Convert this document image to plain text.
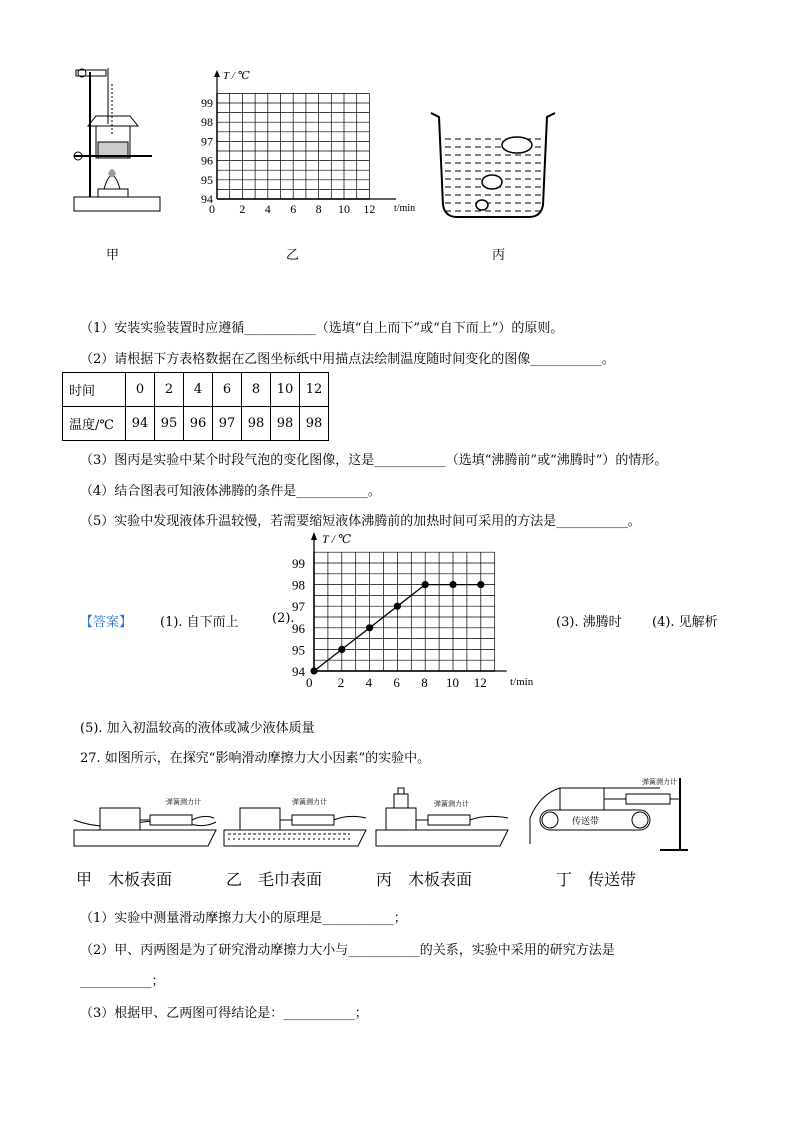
94
95
96
97
98
99
0 2 4 6 8 10 12
T / ℃
t/min
甲	乙	丙
（1）安装实验装置时应遵循___________（选填“自上而下”或“自下而上”）的原则。
（2）请根据下方表格数据在乙图坐标纸中用描点法绘制温度随时间变化的图像___________。
时间	0	2	4	6	8	10	12
温度/℃	94	95	96	97	98	98	98
（3）图丙是实验中某个时段气泡的变化图像，这是___________（选填“沸腾前”或“沸腾时”）的情形。
（4）结合图表可知液体沸腾的条件是___________。
（5）实验中发现液体升温较慢，若需要缩短液体沸腾前的加热时间可采用的方法是___________。
【答案】 (1). 自下而上	(2).	(3). 沸腾时 (4). 见解析
94
95
96
97
98
99
0 2 4 6 8 10 12
T / ℃
t/min
(5). 加入初温较高的液体或减少液体质量
27. 如图所示，在探究“影响滑动摩擦力大小因素”的实验中。
弹簧测力计	弹簧测力计	弹簧测力计
弹簧测力计
传送带
甲　木板表面	乙　毛巾表面	丙　木板表面	丁　传送带
（1）实验中测量滑动摩擦力大小的原理是___________；
（2）甲、丙两图是为了研究滑动摩擦力大小与___________的关系，实验中采用的研究方法是
___________；
（3）根据甲、乙两图可得结论是：___________；
